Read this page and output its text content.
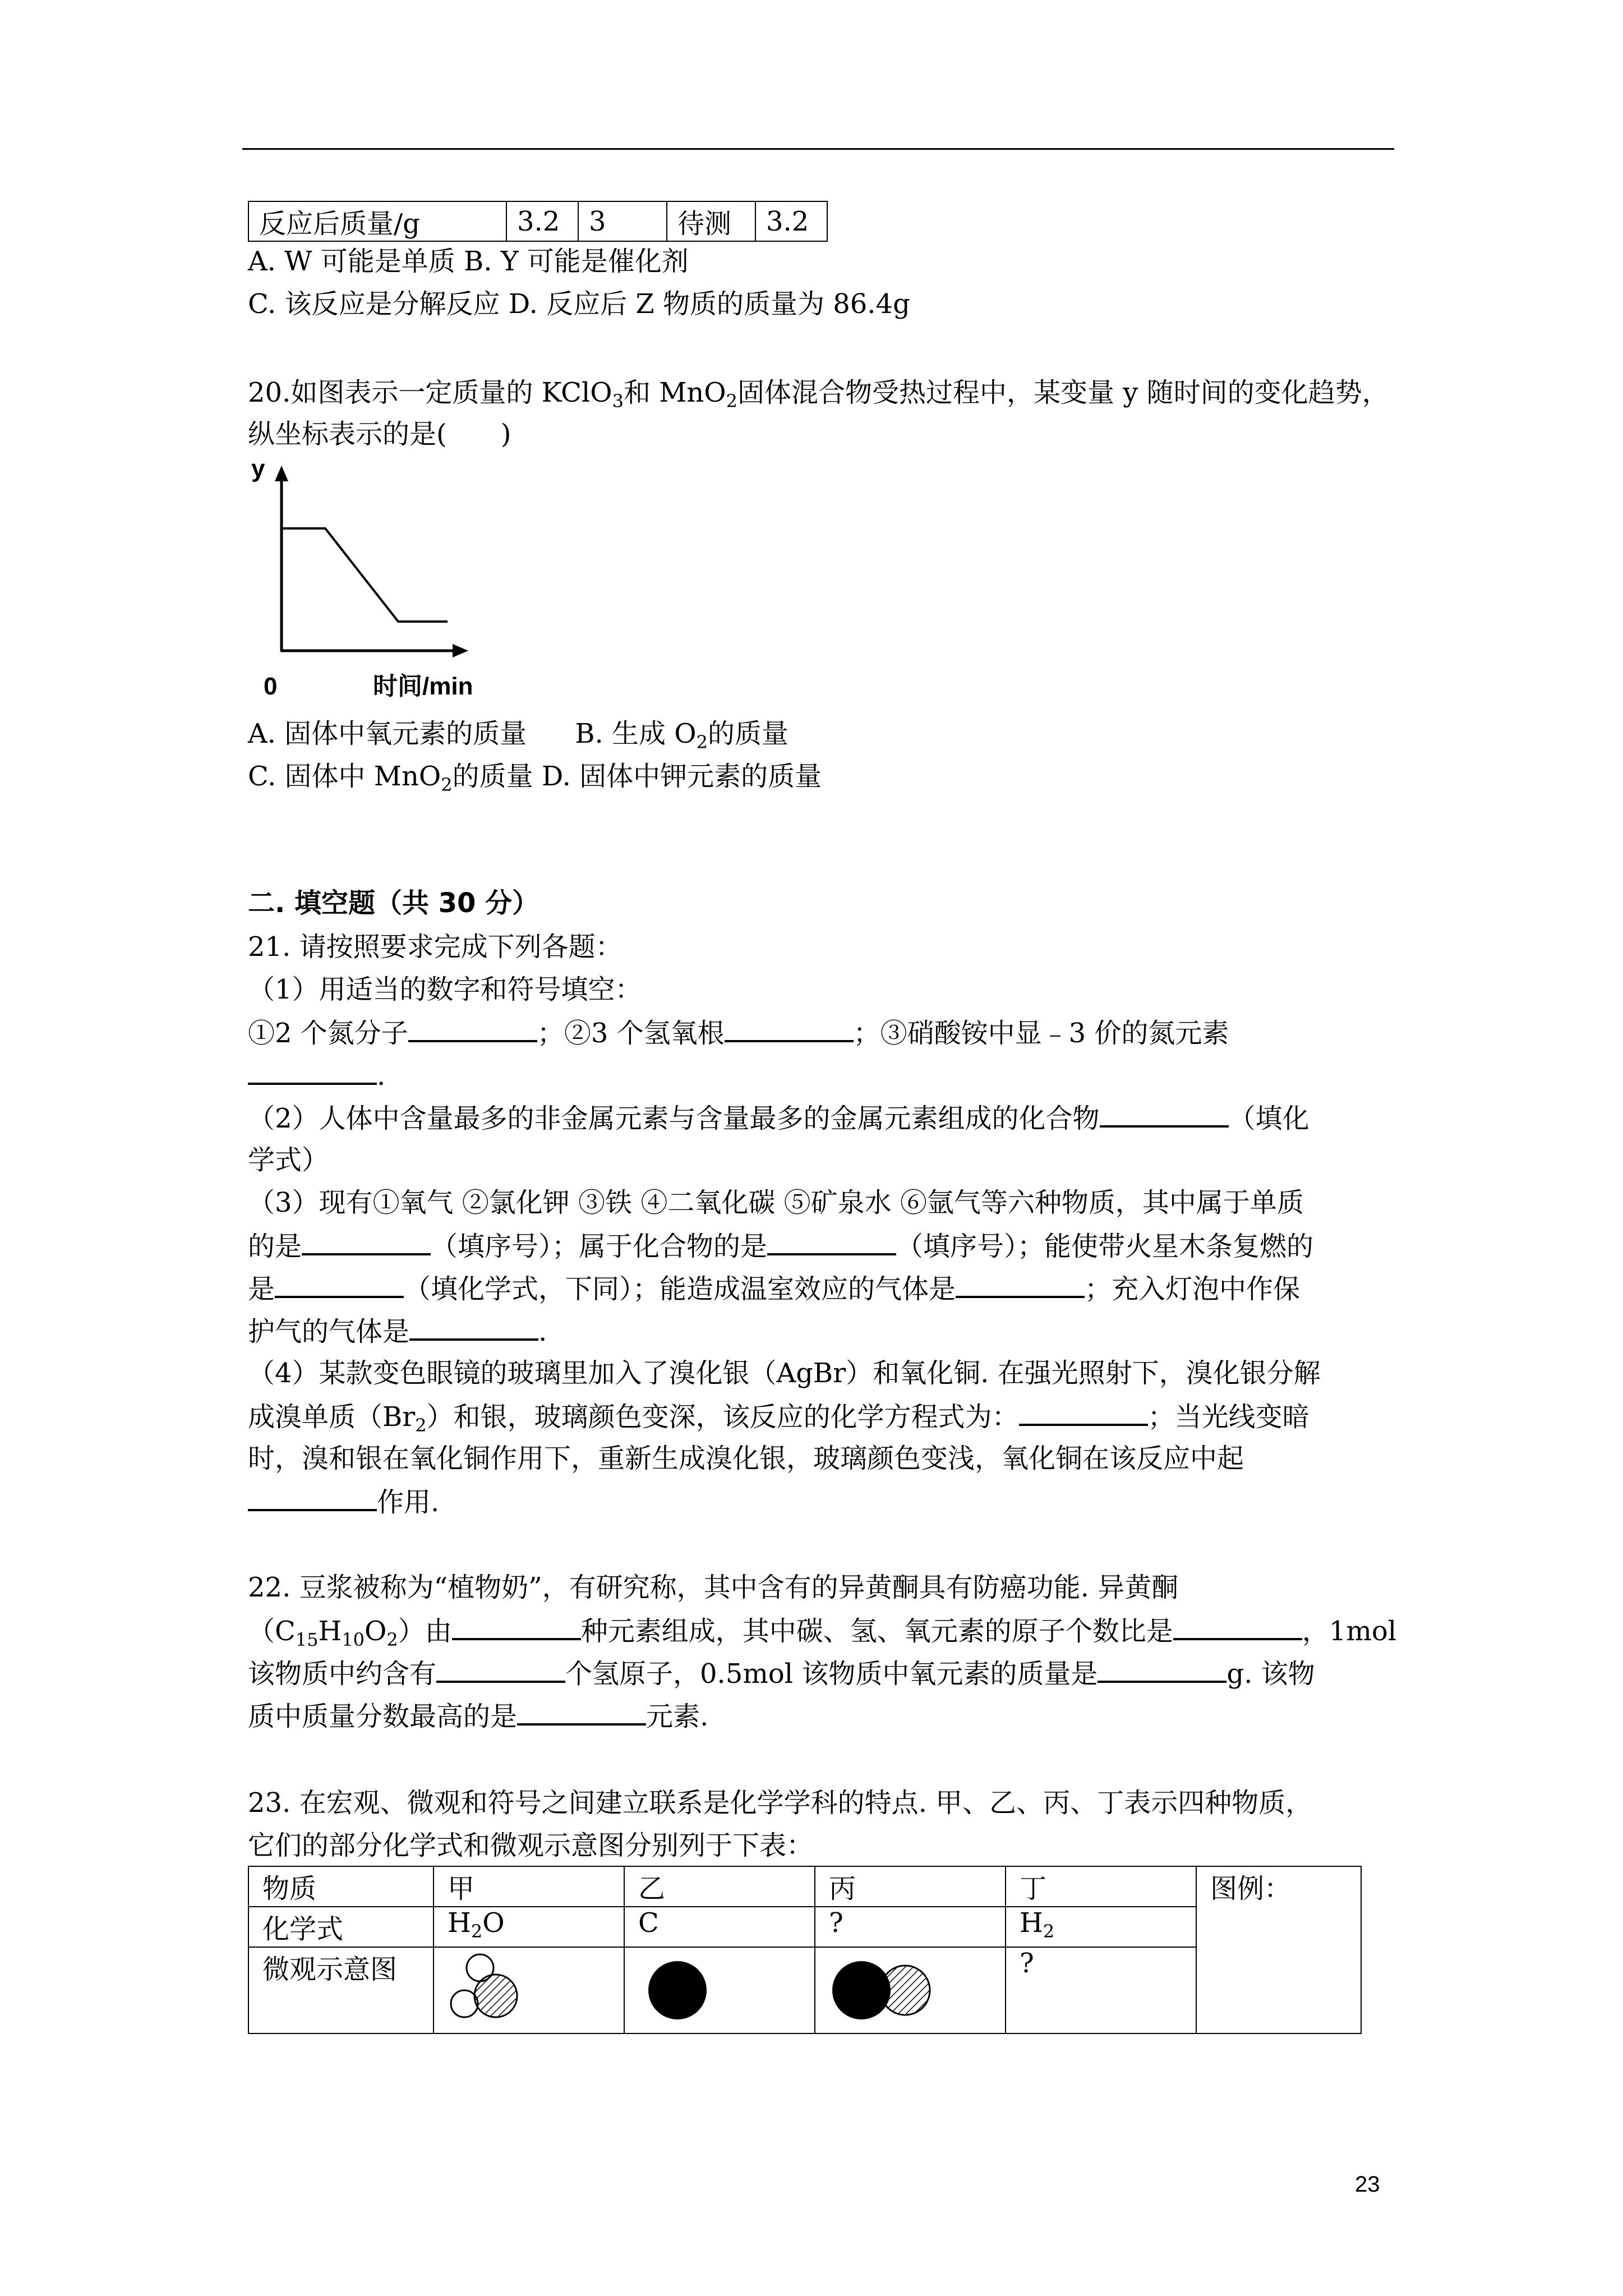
反应后质量/g	3.2	3	待测	3.2
A. W 可能是单质 B. Y 可能是催化剂
C. 该反应是分解反应 D. 反应后 Z 物质的质量为 86.4g
20.如图表示一定质量的 KClO$_3$和 MnO$_2$固体混合物受热过程中，某变量 y 随时间的变化趋势，
纵坐标表示的是(　　)
y
0	时间/min
A. 固体中氧元素的质量 B. 生成 $O_2$的质量
C. 固体中 MnO$_2$的质量 D. 固体中钾元素的质量
二. 填空题（共 30 分）
21. 请按照要求完成下列各题：
（1）用适当的数字和符号填空：
①2 个氮分子	；②3 个氢氧根	；③硝酸铵中显﹣3 价的氮元素
.
（2）人体中含量最多的非金属元素与含量最多的金属元素组成的化合物	（填化
学式）
（3）现有①氧气 ②氯化钾 ③铁 ④二氧化碳 ⑤矿泉水 ⑥氩气等六种物质，其中属于单质
的是	（填序号）；属于化合物的是	（填序号）；能使带火星木条复燃的
是	（填化学式，下同）；能造成温室效应的气体是	；充入灯泡中作保
护气的气体是	.
（4）某款变色眼镜的玻璃里加入了溴化银（AgBr）和氧化铜. 在强光照射下，溴化银分解
成溴单质$(Br_2)$和银，玻璃颜色变深，该反应的化学方程式为：	；当光线变暗
时，溴和银在氧化铜作用下，重新生成溴化银，玻璃颜色变浅，氧化铜在该反应中起
作用.
22. 豆浆被称为“植物奶”，有研究称，其中含有的异黄酮具有防癌功能. 异黄酮
$(C_{15}H_{10}O_2)$由	种元素组成，其中碳、氢、氧元素的原子个数比是	，1mol
该物质中约含有	个氢原子，0.5mol 该物质中氧元素的质量是	g. 该物
质中质量分数最高的是	元素.
23. 在宏观、微观和符号之间建立联系是化学学科的特点. 甲、乙、丙、丁表示四种物质，
它们的部分化学式和微观示意图分别列于下表：
物质	甲	乙	丙	丁	图例：
化学式	$H_2O$	C	?	$H_2$
微观示意图				?	
23
